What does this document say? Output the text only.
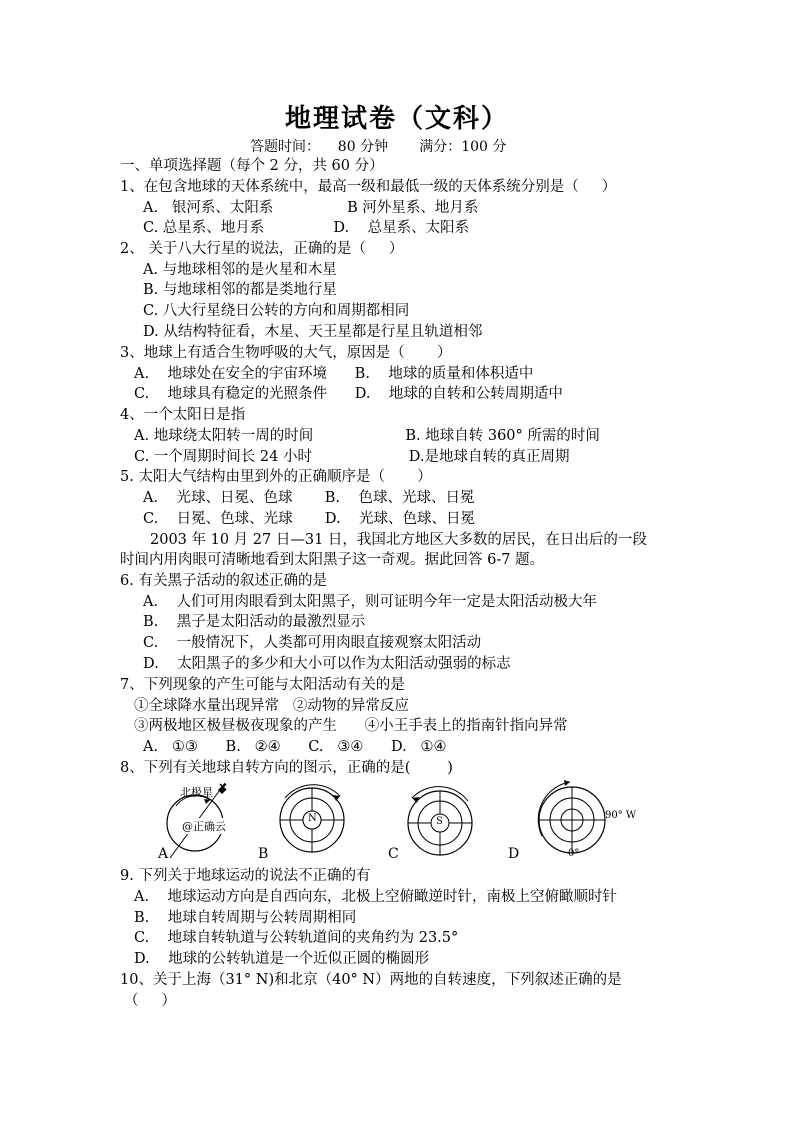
地理试卷（文科）
答题时间：    80 分钟       满分：100 分
一、单项选择题（每个 2 分，共 60 分）
1、在包含地球的天体系统中，最高一级和最低一级的天体系统分别是（     ）
A.   银河系、太阳系                B 河外星系、地月系
C. 总星系、地月系               D.    总星系、太阳系
2、 关于八大行星的说法，正确的是（     ）
A. 与地球相邻的是火星和木星
B. 与地球相邻的都是类地行星
C. 八大行星绕日公转的方向和周期都相同
D. 从结构特征看，木星、天王星都是行星且轨道相邻
3、地球上有适合生物呼吸的大气，原因是（       ）
A.    地球处在安全的宇宙环境      B.    地球的质量和体积适中
C.    地球具有稳定的光照条件      D.    地球的自转和公转周期适中
4、一个太阳日是指
A. 地球绕太阳转一周的时间                    B. 地球自转 360° 所需的时间
C. 一个周期时间长 24 小时                     D.是地球自转的真正周期
5. 太阳大气结构由里到外的正确顺序是（       ）
A.    光球、日冕、色球       B.    色球、光球、日冕
C.    日冕、色球、光球       D.    光球、色球、日冕
2003 年 10 月 27 日—31 日，我国北方地区大多数的居民，在日出后的一段
时间内用肉眼可清晰地看到太阳黑子这一奇观。据此回答 6-7 题。
6. 有关黑子活动的叙述正确的是
A.    人们可用肉眼看到太阳黑子，则可证明今年一定是太阳活动极大年
B.    黑子是太阳活动的最激烈显示
C.    一般情况下，人类都可用肉眼直接观察太阳活动
D.    太阳黑子的多少和大小可以作为太阳活动强弱的标志
7、下列现象的产生可能与太阳活动有关的是
①全球降水量出现异常   ②动物的异常反应
③两极地区极昼极夜现象的产生      ④小王手表上的指南针指向异常
A.   ①③      B.   ②④      C.   ③④      D.   ①④
8、下列有关地球自转方向的图示，正确的是(        )
北极星
@正确云
N	S
90° W
0°
A	B	C	D
9. 下列关于地球运动的说法不正确的有
A.    地球运动方向是自西向东，北极上空俯瞰逆时针，南极上空俯瞰顺时针
B.    地球自转周期与公转周期相同
C.    地球自转轨道与公转轨道间的夹角约为 23.5°
D.    地球的公转轨道是一个近似正圆的椭圆形
10、关于上海（31° N)和北京（40° N）两地的自转速度，下列叙述正确的是
（     ）
